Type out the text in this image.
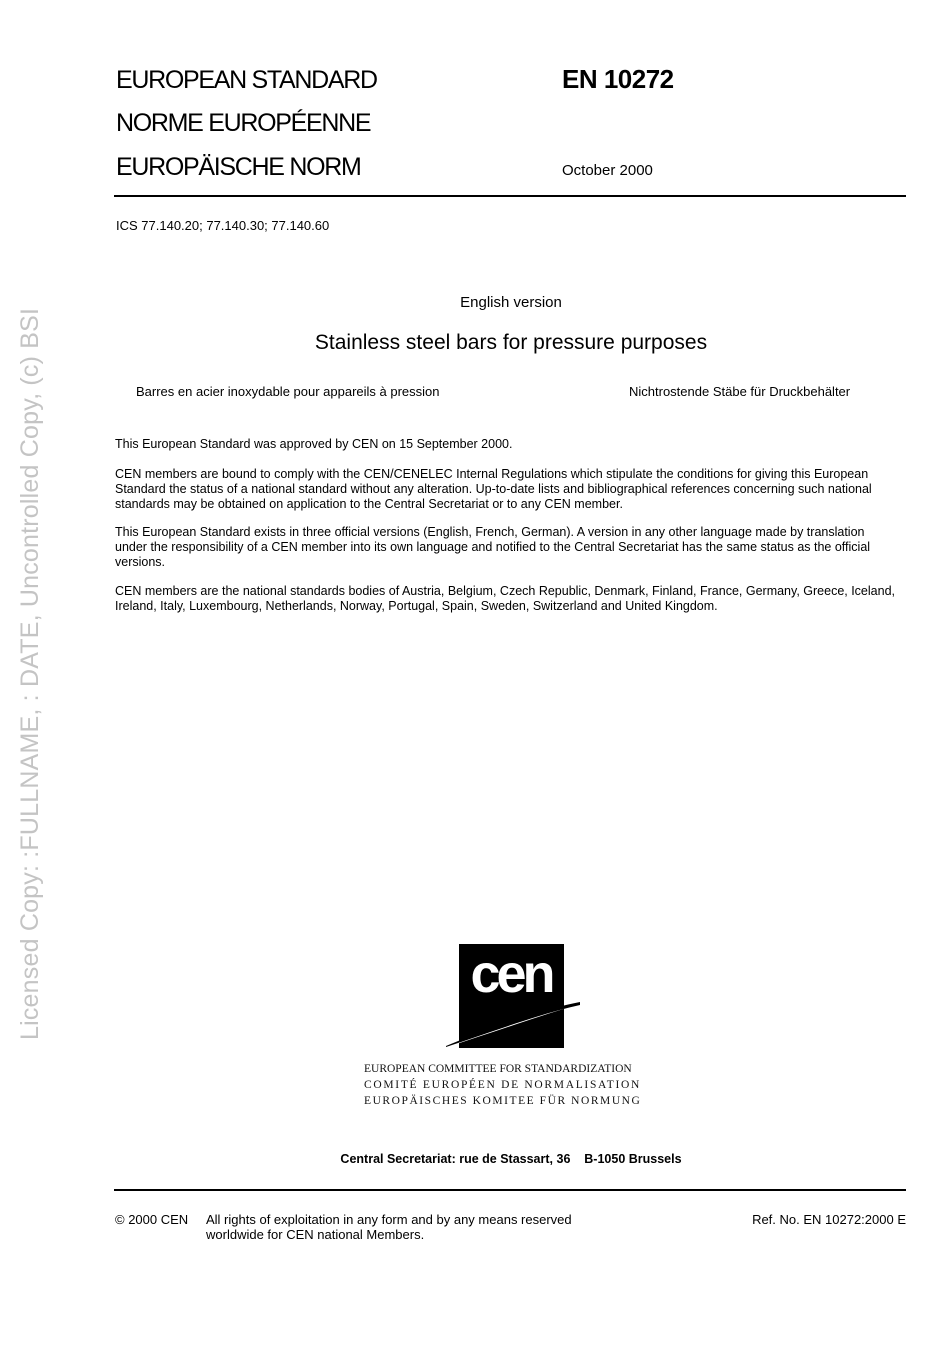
Licensed Copy: :FULLNAME, : DATE, Uncontrolled Copy, (c) BSI
EUROPEAN STANDARD
NORME EUROPÉENNE
EUROPÄISCHE NORM
EN 10272
October 2000
ICS 77.140.20; 77.140.30; 77.140.60
English version
Stainless steel bars for pressure purposes
Barres en acier inoxydable pour appareils à pression	Nichtrostende Stäbe für Druckbehälter
This European Standard was approved by CEN on 15 September 2000.
CEN members are bound to comply with the CEN/CENELEC Internal Regulations which stipulate the conditions for giving this European Standard the status of a national standard without any alteration. Up-to-date lists and bibliographical references concerning such national standards may be obtained on application to the Central Secretariat or to any CEN member.
This European Standard exists in three official versions (English, French, German). A version in any other language made by translation under the responsibility of a CEN member into its own language and notified to the Central Secretariat has the same status as the official versions.
CEN members are the national standards bodies of Austria, Belgium, Czech Republic, Denmark, Finland, France, Germany, Greece, Iceland, Ireland, Italy, Luxembourg, Netherlands, Norway, Portugal, Spain, Sweden, Switzerland and United Kingdom.
cen
EUROPEAN COMMITTEE FOR STANDARDIZATION
COMITÉ EUROPÉEN DE NORMALISATION
EUROPÄISCHES KOMITEE FÜR NORMUNG
Central Secretariat: rue de Stassart, 36    B-1050 Brussels
© 2000 CEN All rights of exploitation in any form and by any means reserved
worldwide for CEN national Members.
Ref. No. EN 10272:2000 E
